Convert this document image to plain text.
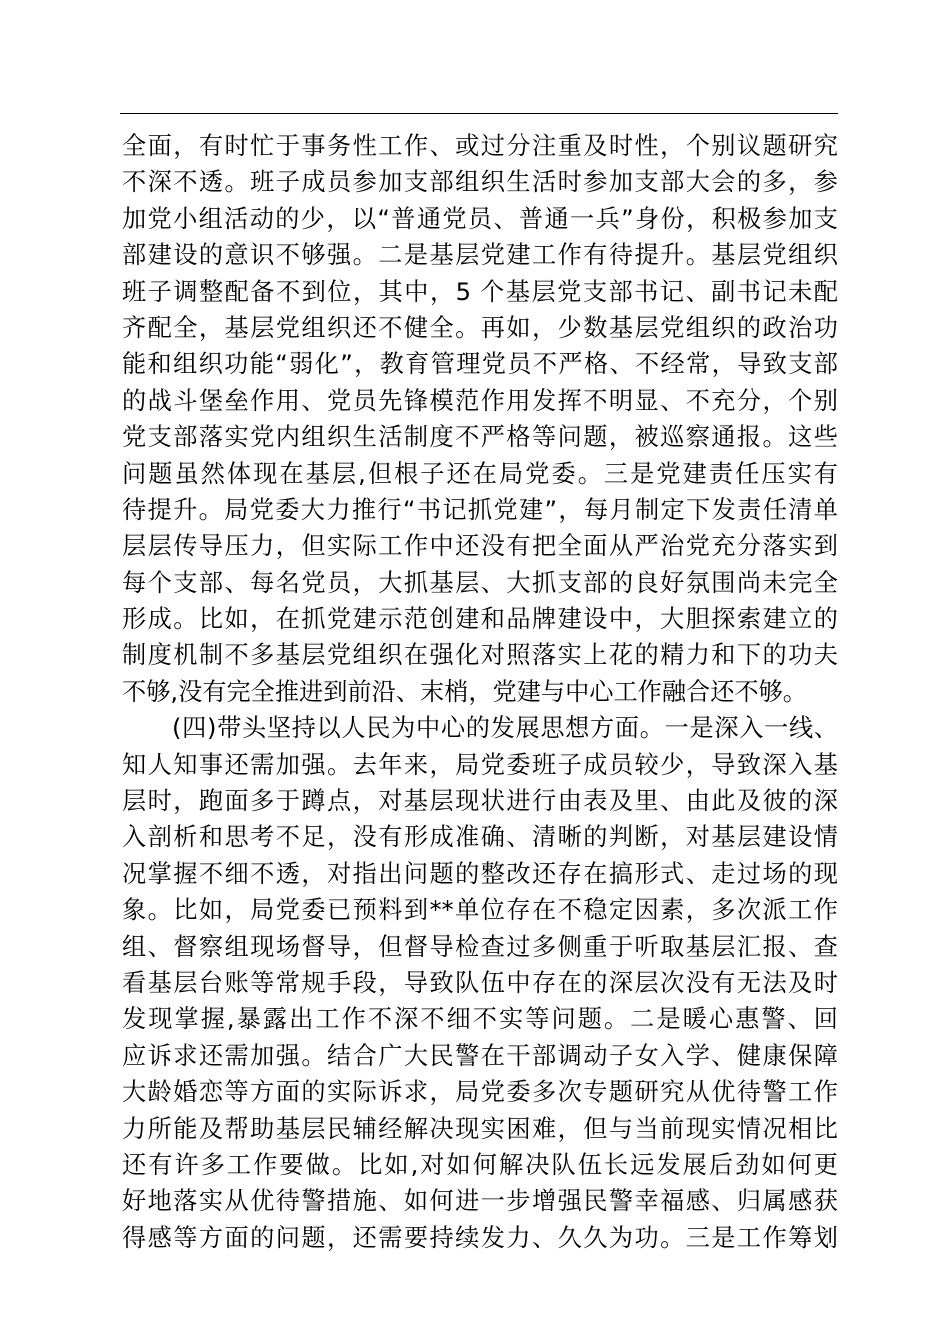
全面，有时忙于事务性工作、或过分注重及时性，个别议题研究
不深不透。班子成员参加支部组织生活时参加支部大会的多，参
加党小组活动的少，以“普通党员、普通一兵”身份，积极参加支
部建设的意识不够强。二是基层党建工作有待提升。基层党组织
班子调整配备不到位，其中，5 个基层党支部书记、副书记未配
齐配全，基层党组织还不健全。再如，少数基层党组织的政治功
能和组织功能“弱化”，教育管理党员不严格、不经常，导致支部
的战斗堡垒作用、党员先锋模范作用发挥不明显、不充分，个别
党支部落实党内组织生活制度不严格等问题，被巡察通报。这些
问题虽然体现在基层,但根子还在局党委。三是党建责任压实有
待提升。局党委大力推行“书记抓党建”，每月制定下发责任清单
层层传导压力，但实际工作中还没有把全面从严治党充分落实到
每个支部、每名党员，大抓基层、大抓支部的良好氛围尚未完全
形成。比如，在抓党建示范创建和品牌建设中，大胆探索建立的
制度机制不多基层党组织在强化对照落实上花的精力和下的功夫
不够,没有完全推进到前沿、末梢，党建与中心工作融合还不够。
(四)带头坚持以人民为中心的发展思想方面。一是深入一线、
知人知事还需加强。去年来，局党委班子成员较少，导致深入基
层时，跑面多于蹲点，对基层现状进行由表及里、由此及彼的深
入剖析和思考不足，没有形成准确、清晰的判断，对基层建设情
况掌握不细不透，对指出问题的整改还存在搞形式、走过场的现
象。比如，局党委已预料到**单位存在不稳定因素，多次派工作
组、督察组现场督导，但督导检查过多侧重于听取基层汇报、查
看基层台账等常规手段，导致队伍中存在的深层次没有无法及时
发现掌握,暴露出工作不深不细不实等问题。二是暖心惠警、回
应诉求还需加强。结合广大民警在干部调动子女入学、健康保障
大龄婚恋等方面的实际诉求，局党委多次专题研究从优待警工作
力所能及帮助基层民辅经解决现实困难，但与当前现实情况相比
还有许多工作要做。比如,对如何解决队伍长远发展后劲如何更
好地落实从优待警措施、如何进一步增强民警幸福感、归属感获
得感等方面的问题，还需要持续发力、久久为功。三是工作筹划
